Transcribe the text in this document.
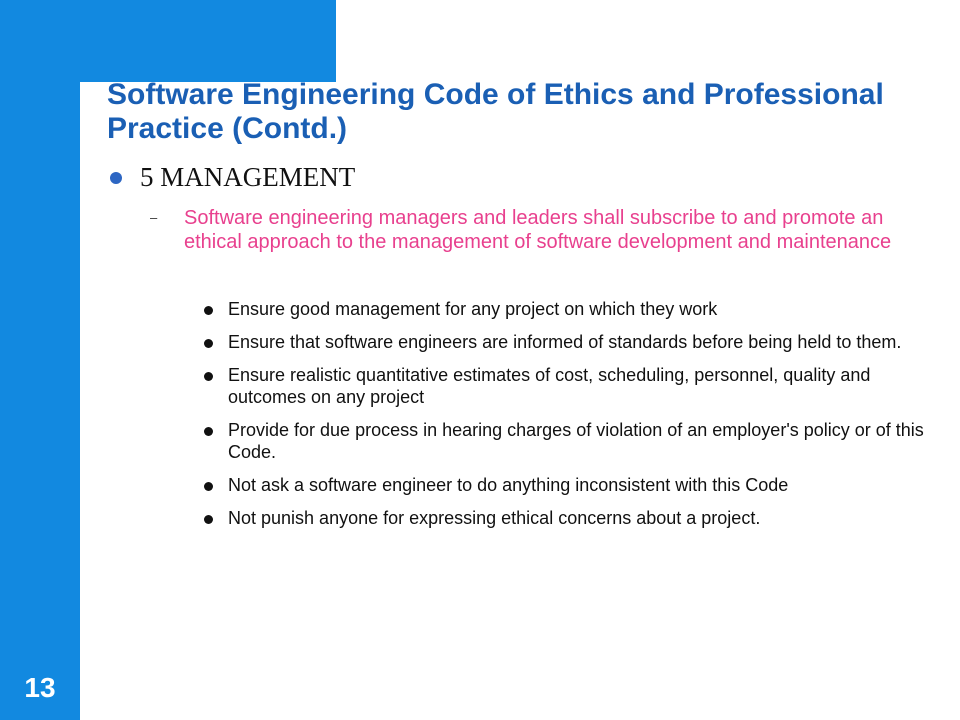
13
Software Engineering Code of Ethics and Professional Practice (Contd.)
5 MANAGEMENT
–	Software engineering managers and leaders shall subscribe to and promote an ethical approach to the management of software development and maintenance
Ensure good management for any project on which they work
Ensure that software engineers are informed of standards before being held to them.
Ensure realistic quantitative estimates of cost, scheduling, personnel, quality and outcomes on any project
Provide for due process in hearing charges of violation of an employer's policy or of this Code.
Not ask a software engineer to do anything inconsistent with this Code
Not punish anyone for expressing ethical concerns about a project.
